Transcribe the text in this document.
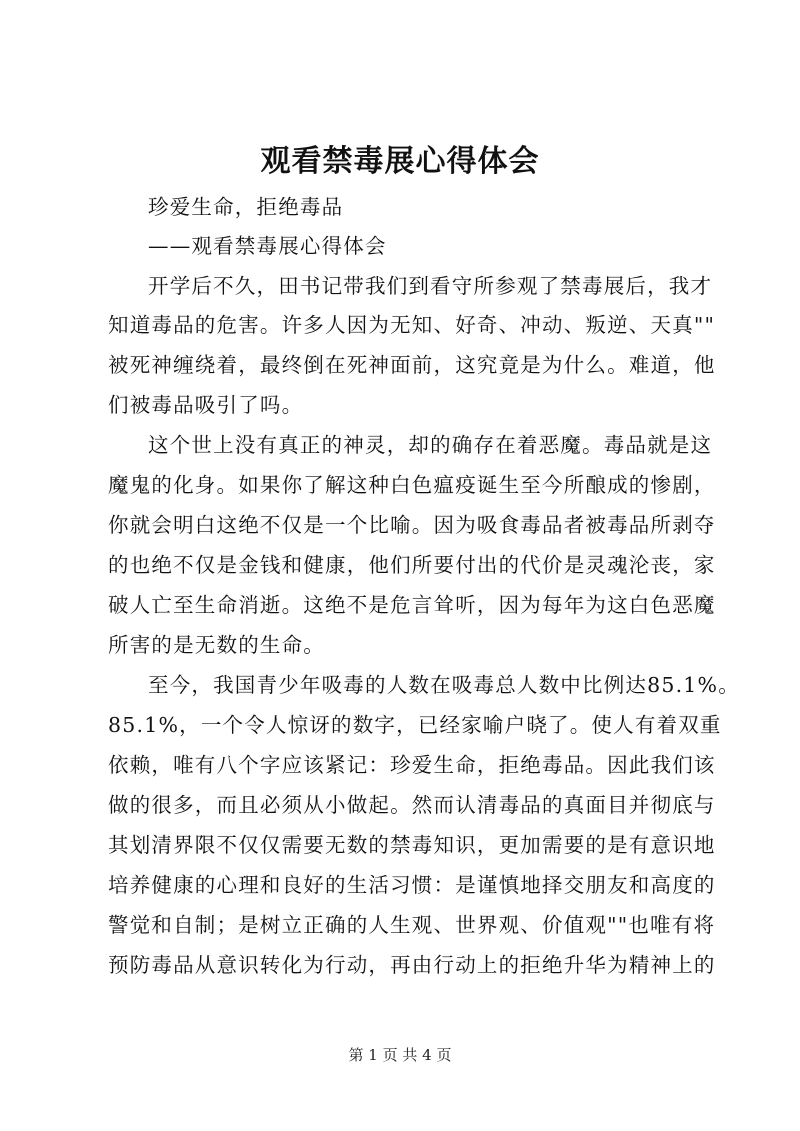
观看禁毒展心得体会
珍爱生命，拒绝毒品
——观看禁毒展心得体会
开学后不久，田书记带我们到看守所参观了禁毒展后，我才
知道毒品的危害。许多人因为无知、好奇、冲动、叛逆、天真""
被死神缠绕着，最终倒在死神面前，这究竟是为什么。难道，他
们被毒品吸引了吗。
这个世上没有真正的神灵，却的确存在着恶魔。毒品就是这
魔鬼的化身。如果你了解这种白色瘟疫诞生至今所酿成的惨剧，
你就会明白这绝不仅是一个比喻。因为吸食毒品者被毒品所剥夺
的也绝不仅是金钱和健康，他们所要付出的代价是灵魂沦丧，家
破人亡至生命消逝。这绝不是危言耸听，因为每年为这白色恶魔
所害的是无数的生命。
至今，我国青少年吸毒的人数在吸毒总人数中比例达85.1%。
85.1%，一个令人惊讶的数字，已经家喻户晓了。使人有着双重
依赖，唯有八个字应该紧记：珍爱生命，拒绝毒品。因此我们该
做的很多，而且必须从小做起。然而认清毒品的真面目并彻底与
其划清界限不仅仅需要无数的禁毒知识，更加需要的是有意识地
培养健康的心理和良好的生活习惯：是谨慎地择交朋友和高度的
警觉和自制；是树立正确的人生观、世界观、价值观""也唯有将
预防毒品从意识转化为行动，再由行动上的拒绝升华为精神上的
第 1 页 共 4 页
